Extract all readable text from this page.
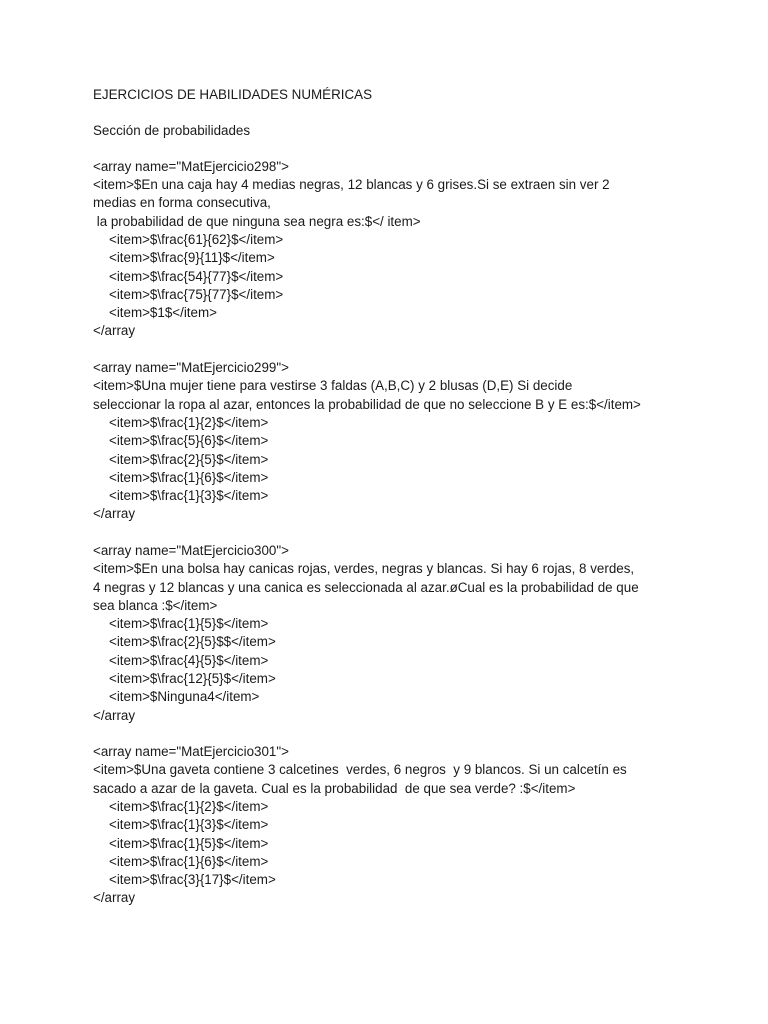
EJERCICIOS DE HABILIDADES NUMÉRICAS
Sección de probabilidades
<array name="MatEjercicio298">
<item>$En una caja hay 4 medias negras, 12 blancas y 6 grises.Si se extraen sin ver 2
medias en forma consecutiva,
la probabilidad de que ninguna sea negra es:$</ item>
<item>$\frac{61}{62}$</item>
<item>$\frac{9}{11}$</item>
<item>$\frac{54}{77}$</item>
<item>$\frac{75}{77}$</item>
<item>$1$</item>
</array
<array name="MatEjercicio299">
<item>$Una mujer tiene para vestirse 3 faldas (A,B,C) y 2 blusas (D,E) Si decide
seleccionar la ropa al azar, entonces la probabilidad de que no seleccione B y E es:$</item>
<item>$\frac{1}{2}$</item>
<item>$\frac{5}{6}$</item>
<item>$\frac{2}{5}$</item>
<item>$\frac{1}{6}$</item>
<item>$\frac{1}{3}$</item>
</array
<array name="MatEjercicio300">
<item>$En una bolsa hay canicas rojas, verdes, negras y blancas. Si hay 6 rojas, 8 verdes,
4 negras y 12 blancas y una canica es seleccionada al azar.øCual es la probabilidad de que
sea blanca :$</item>
<item>$\frac{1}{5}$</item>
<item>$\frac{2}{5}$$</item>
<item>$\frac{4}{5}$</item>
<item>$\frac{12}{5}$</item>
<item>$Ninguna4</item>
</array
<array name="MatEjercicio301">
<item>$Una gaveta contiene 3 calcetines  verdes, 6 negros  y 9 blancos. Si un calcetín es
sacado a azar de la gaveta. Cual es la probabilidad  de que sea verde? :$</item>
<item>$\frac{1}{2}$</item>
<item>$\frac{1}{3}$</item>
<item>$\frac{1}{5}$</item>
<item>$\frac{1}{6}$</item>
<item>$\frac{3}{17}$</item>
</array
